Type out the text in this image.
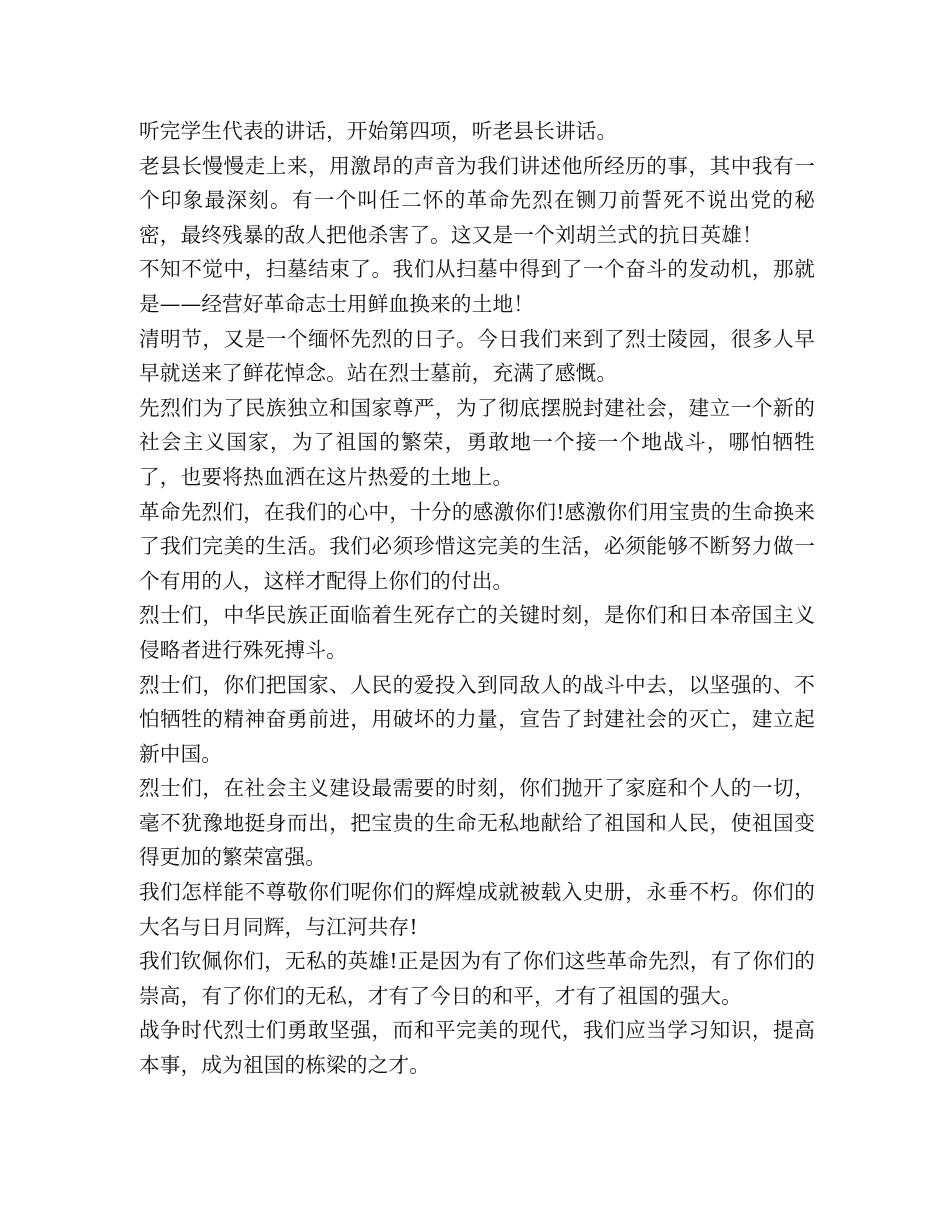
听完学生代表的讲话，开始第四项，听老县长讲话。

老县长慢慢走上来，用激昂的声音为我们讲述他所经历的事，其中我有一个印象最深刻。有一个叫任二怀的革命先烈在铡刀前誓死不说出党的秘密，最终残暴的敌人把他杀害了。这又是一个刘胡兰式的抗日英雄！

不知不觉中，扫墓结束了。我们从扫墓中得到了一个奋斗的发动机，那就是——经营好革命志士用鲜血换来的土地！

清明节，又是一个缅怀先烈的日子。今日我们来到了烈士陵园，很多人早早就送来了鲜花悼念。站在烈士墓前，充满了感慨。

先烈们为了民族独立和国家尊严，为了彻底摆脱封建社会，建立一个新的社会主义国家，为了祖国的繁荣，勇敢地一个接一个地战斗，哪怕牺牲了，也要将热血洒在这片热爱的土地上。

革命先烈们，在我们的心中，十分的感激你们!感激你们用宝贵的生命换来了我们完美的生活。我们必须珍惜这完美的生活，必须能够不断努力做一个有用的人，这样才配得上你们的付出。

烈士们，中华民族正面临着生死存亡的关键时刻，是你们和日本帝国主义侵略者进行殊死搏斗。

烈士们，你们把国家、人民的爱投入到同敌人的战斗中去，以坚强的、不怕牺牲的精神奋勇前进，用破坏的力量，宣告了封建社会的灭亡，建立起新中国。

烈士们，在社会主义建设最需要的时刻，你们抛开了家庭和个人的一切，毫不犹豫地挺身而出，把宝贵的生命无私地献给了祖国和人民，使祖国变得更加的繁荣富强。

我们怎样能不尊敬你们呢你们的辉煌成就被载入史册，永垂不朽。你们的大名与日月同辉，与江河共存!

我们钦佩你们，无私的英雄!正是因为有了你们这些革命先烈，有了你们的崇高，有了你们的无私，才有了今日的和平，才有了祖国的强大。

战争时代烈士们勇敢坚强，而和平完美的现代，我们应当学习知识，提高本事，成为祖国的栋梁的之才。
